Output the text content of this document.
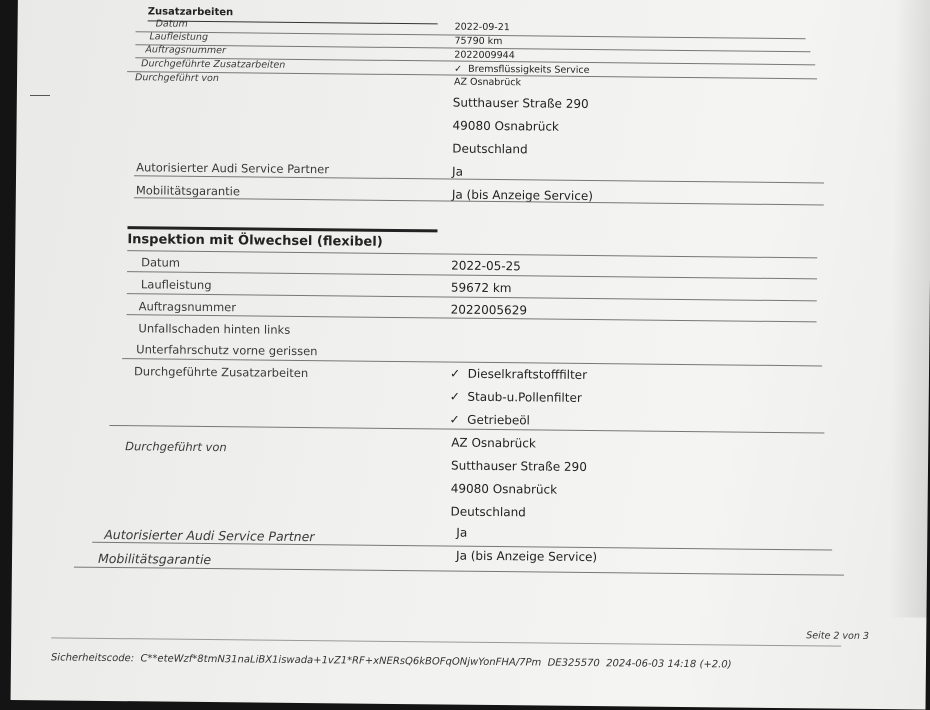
Zusatzarbeiten
Datum	2022-09-21
Laufleistung	75790 km
Auftragsnummer	2022009944
Durchgeführte Zusatzarbeiten	✓ Bremsflüssigkeits Service
Durchgeführt von	AZ Osnabrück
Sutthauser Straße 290
49080 Osnabrück
Deutschland
Autorisierter Audi Service Partner	Ja
Mobilitätsgarantie	Ja (bis Anzeige Service)
Inspektion mit Ölwechsel (flexibel)
Datum	2022-05-25
Laufleistung	59672 km
Auftragsnummer	2022005629
Unfallschaden hinten links
Unterfahrschutz vorne gerissen
Durchgeführte Zusatzarbeiten	✓ Dieselkraftstofffilter
✓ Staub-u.Pollenfilter
✓ Getriebeöl
Durchgeführt von	AZ Osnabrück
Sutthauser Straße 290
49080 Osnabrück
Deutschland
Autorisierter Audi Service Partner	Ja
Mobilitätsgarantie	Ja (bis Anzeige Service)
Sicherheitscode: C**eteWzf*8tmN31naLiBX1iswada+1vZ1*RF+xNERsQ6kBOFqONjwYonFHA/7Pm DE325570 2024-06-03 14:18 (+2.0)
Seite 2 von 3
